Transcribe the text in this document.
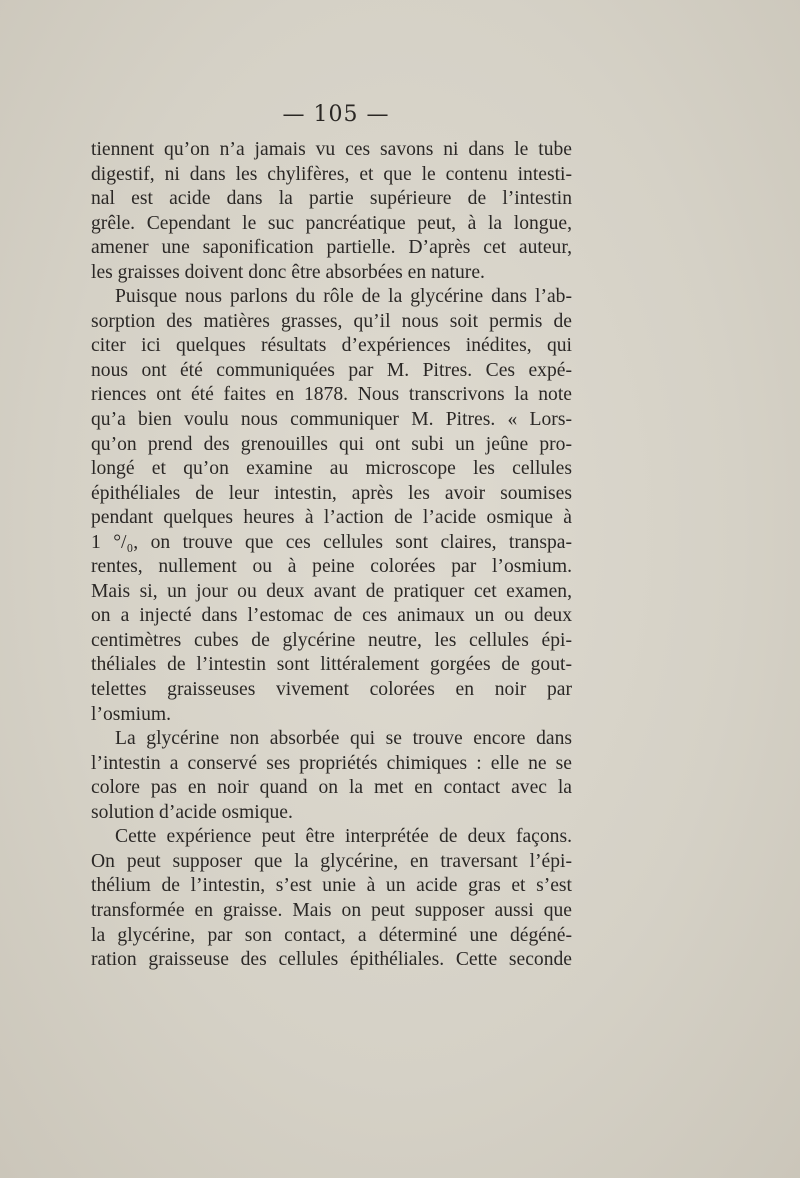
— 105 —
tiennent qu’on n’a jamais vu ces savons ni dans le tube
digestif, ni dans les chylifères, et que le contenu intesti-
nal est acide dans la partie supérieure de l’intestin
grêle. Cependant le suc pancréatique peut, à la longue,
amener une saponification partielle. D’après cet auteur,
les graisses doivent donc être absorbées en nature.
Puisque nous parlons du rôle de la glycérine dans l’ab-
sorption des matières grasses, qu’il nous soit permis de
citer ici quelques résultats d’expériences inédites, qui
nous ont été communiquées par M. Pitres. Ces expé-
riences ont été faites en 1878. Nous transcrivons la note
qu’a bien voulu nous communiquer M. Pitres. « Lors-
qu’on prend des grenouilles qui ont subi un jeûne pro-
longé et qu’on examine au microscope les cellules
épithéliales de leur intestin, après les avoir soumises
pendant quelques heures à l’action de l’acide osmique à
1 °/₀, on trouve que ces cellules sont claires, transpa-
rentes, nullement ou à peine colorées par l’osmium.
Mais si, un jour ou deux avant de pratiquer cet examen,
on a injecté dans l’estomac de ces animaux un ou deux
centimètres cubes de glycérine neutre, les cellules épi-
théliales de l’intestin sont littéralement gorgées de gout-
telettes graisseuses vivement colorées en noir par
l’osmium.
La glycérine non absorbée qui se trouve encore dans
l’intestin a conservé ses propriétés chimiques : elle ne se
colore pas en noir quand on la met en contact avec la
solution d’acide osmique.
Cette expérience peut être interprétée de deux façons.
On peut supposer que la glycérine, en traversant l’épi-
thélium de l’intestin, s’est unie à un acide gras et s’est
transformée en graisse. Mais on peut supposer aussi que
la glycérine, par son contact, a déterminé une dégéné-
ration graisseuse des cellules épithéliales. Cette seconde
